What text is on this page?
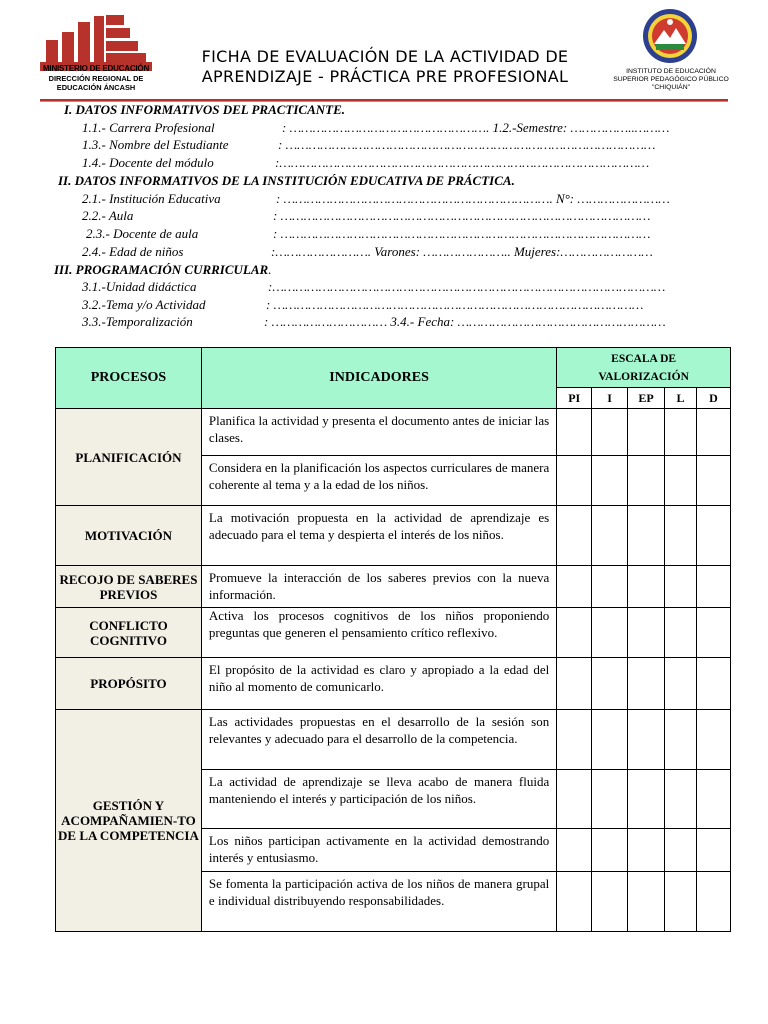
MINISTERIO DE EDUCACIÓN
DIRECCIÓN REGIONAL DE
EDUCACIÓN ÁNCASH
FICHA DE EVALUACIÓN DE LA ACTIVIDAD DE
APRENDIZAJE - PRÁCTICA PRE PROFESIONAL	INSTITUTO DE EDUCACIÓN
SUPERIOR PEDAGÓGICO PÚBLICO
"CHIQUIÁN"
I. DATOS INFORMATIVOS DEL PRACTICANTE.
1.1.- Carrera Profesional	: ……………………………………………. 1.2.-Semestre: ……………..………
1.3.- Nombre del Estudiante	: ……………………………………………………………………………………
1.4.- Docente del módulo	:……………………………………………………………………………………
II. DATOS INFORMATIVOS DE LA INSTITUCIÓN EDUCATIVA DE PRÁCTICA.
2.1.- Institución Educativa	: ……………………………………………………………. N°: ……………………
2.2.- Aula	: ……………………………………………………………………………………
2.3.- Docente de aula	: ……………………………………………………………………………………
2.4.- Edad de niños	:……………………. Varones: ………………….. Mujeres:……………………
III. PROGRAMACIÓN CURRICULAR.
3.1.-Unidad didáctica	:…………………………………………………………………………………………
3.2.-Tema y/o Actividad	: ……………………………………………………………………………………
3.3.-Temporalización	: ………………………… 3.4.- Fecha: ………………………………………………
PROCESOS	INDICADORES	ESCALA DE
VALORIZACIÓN				

		PI	I	EP	L	D
PLANIFICACIÓN	Planifica la actividad y presenta el documento antes de iniciar las clases.					
	Considera en la planificación los aspectos curriculares de manera coherente al tema y a la edad de los niños.					
MOTIVACIÓN	La motivación propuesta en la actividad de aprendizaje es adecuado para el tema y despierta el interés de los niños.					
RECOJO DE SABERES PREVIOS	Promueve la interacción de los saberes previos con la nueva información.					
CONFLICTO COGNITIVO	Activa los procesos cognitivos de los niños proponiendo preguntas que generen el pensamiento crítico reflexivo.					
PROPÓSITO	El propósito de la actividad es claro y apropiado a la edad del niño al momento de comunicarlo.					
GESTIÓN Y ACOMPAÑAMIEN-TO DE LA COMPETENCIA	Las actividades propuestas en el desarrollo de la sesión son relevantes y adecuado para el desarrollo de la competencia.					
	La actividad de aprendizaje se lleva acabo de manera fluida manteniendo el interés y participación de los niños.					
	Los niños participan activamente en la actividad demostrando interés y entusiasmo.					
	Se fomenta la participación activa de los niños de manera grupal e individual distribuyendo responsabilidades.					
